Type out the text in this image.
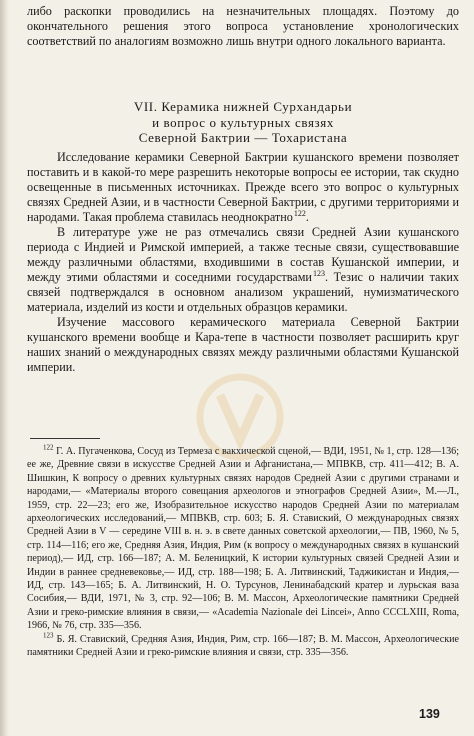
либо раскопки проводились на незначительных площадях. Поэтому до окончательного решения этого вопроса установление хронологических соответствий по аналогиям возможно лишь внутри одного локального варианта.

VII. Керамика нижней Сурхандарьи
и вопрос о культурных связях
Северной Бактрии — Тохаристана

Исследование керамики Северной Бактрии кушанского времени позволяет поставить и в какой-то мере разрешить некоторые вопросы ее истории, так скудно освещенные в письменных источниках. Прежде всего это вопрос о культурных связях Средней Азии, и в частности Северной Бактрии, с другими территориями и народами. Такая проблема ставилась неоднократно $^{122}$.

В литературе уже не раз отмечались связи Средней Азии кушанского периода с Индией и Римской империей, а также тесные связи, существовавшие между различными областями, входившими в состав Кушанской империи, и между этими областями и соседними государствами $^{123}$. Тезис о наличии таких связей подтверждался в основном анализом украшений, нумизматического материала, изделий из кости и отдельных образцов керамики.

Изучение массового керамического материала Северной Бактрии кушанского времени вообще и Кара-тепе в частности позволяет расширить круг наших знаний о международных связях между различными областями Кушанской империи.

$^{122}$ Г. А. Пугаченкова, Сосуд из Термеза с вакхической сценой,— ВДИ, 1951, № 1, стр. 128—136; ее же, Древние связи в искусстве Средней Азии и Афганистана,— МПВКВ, стр. 411—412; В. А. Шишкин, К вопросу о древних культурных связях народов Средней Азии с другими странами и народами,— «Материалы второго совещания археологов и этнографов Средней Азии», М.—Л., 1959, стр. 22—23; его же, Изобразительное искусство народов Средней Азии по материалам археологических исследований,— МПВКВ, стр. 603; Б. Я. Ставиский, О международных связях Средней Азии в V — середине VIII в. н. э. в свете данных советской археологии,— ПВ, 1960, № 5, стр. 114—116; его же, Средняя Азия, Индия, Рим (к вопросу о международных связях в кушанский период),— ИД, стр. 166—187; А. М. Беленицкий, К истории культурных связей Средней Азии и Индии в раннее средневековье,— ИД, стр. 188—198; Б. А. Литвинский, Таджикистан и Индия,— ИД, стр. 143—165; Б. А. Литвинский, Н. О. Турсунов, Ленинабадский кратер и лурьская ваза Сосибия,— ВДИ, 1971, № 3, стр. 92—106; В. М. Массон, Археологические памятники Средней Азии и греко-римские влияния в связи,— «Academia Nazionale dei Lincei», Anno CCCLXIII, Roma, 1966, № 76, стр. 335—356.

$^{123}$ Б. Я. Ставиский, Средняя Азия, Индия, Рим, стр. 166—187; В. М. Массон, Археологические памятники Средней Азии и греко-римские влияния и связи, стр. 335—356.

139
